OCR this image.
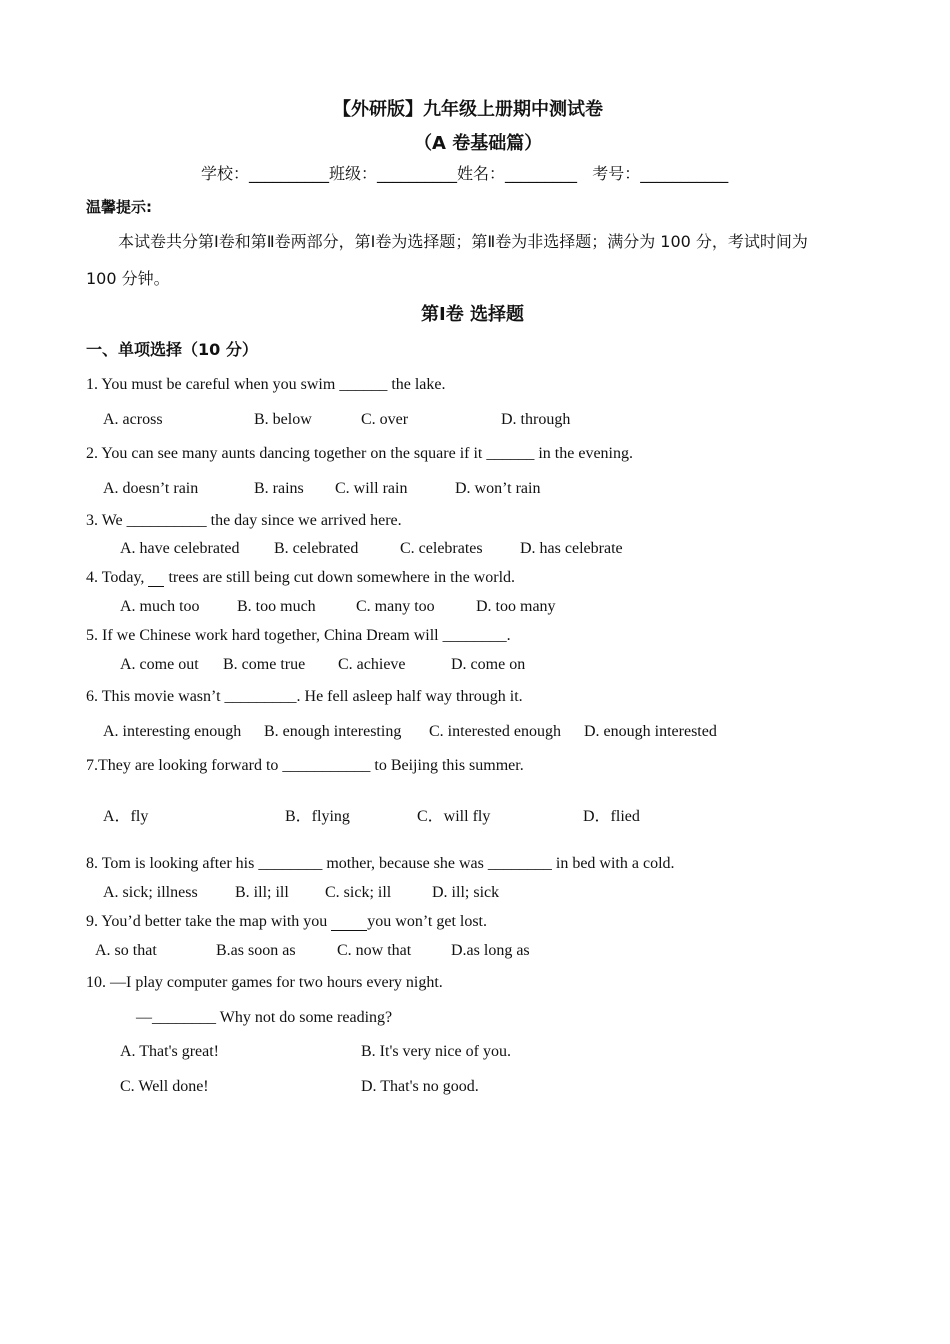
【外研版】九年级上册期中测试卷
（A 卷基础篇）
学校：__________班级：__________姓名：_________   考号：___________
温馨提示:
本试卷共分第Ⅰ卷和第Ⅱ卷两部分，第Ⅰ卷为选择题；第Ⅱ卷为非选择题；满分为 100 分，考试时间为
100 分钟。
第Ⅰ卷 选择题
一、单项选择（10 分）
1. You must be careful when you swim ______ the lake.
A. across	B. below	C. over	D. through
2. You can see many aunts dancing together on the square if it ______ in the evening.
A. doesn’t rain	B. rains C. will rain	D. won’t rain
3. We __________ the day since we arrived here.
A. have celebrated B. celebrated	C. celebrates D. has celebrate
4. Today,      trees are still being cut down somewhere in the world.
A. much too B. too much	C. many too	D. too many
5. If we Chinese work hard together, China Dream will ________.
A. come out B. come true C. achieve	D. come on
6. This movie wasn’t _________. He fell asleep half way through it.
A. interesting enough B. enough interesting C. interested enough D. enough interested
7.They are looking forward to ___________ to Beijing this summer.
A．fly	B．flying	C．will fly	D．flied
8. Tom is looking after his ________ mother, because she was ________ in bed with a cold.
A. sick; illness B. ill; ill C. sick; ill	D. ill; sick
9. You’d better take the map with you          you won’t get lost.
A. so that	B.as soon as	C. now that D.as long as
10. —I play computer games for two hours every night.
—________ Why not do some reading?
A. That's great!	B. It's very nice of you.
C. Well done!	D. That's no good.
